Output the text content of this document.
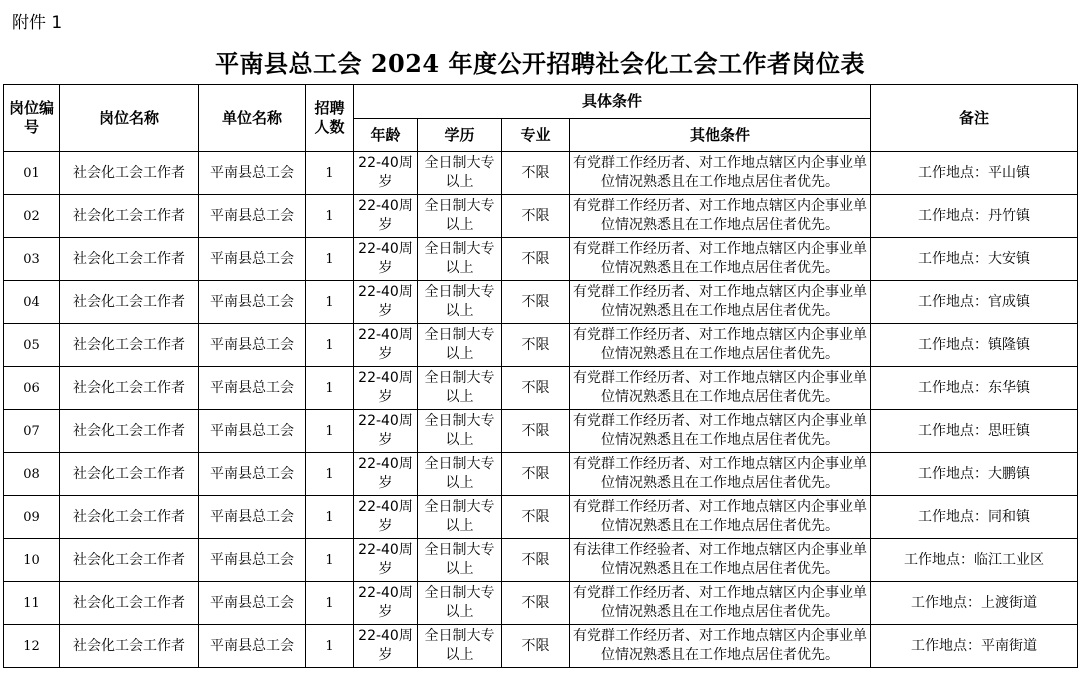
附件 1
平南县总工会 2024 年度公开招聘社会化工会工作者岗位表
岗位编号	岗位名称	单位名称	招聘人数	具体条件				备注
				年龄	学历	专业	其他条件	
01	社会化工会工作者	平南县总工会	1	22-40周岁	全日制大专以上	不限	有党群工作经历者、对工作地点辖区内企事业单位情况熟悉且在工作地点居住者优先。	工作地点：平山镇
02	社会化工会工作者	平南县总工会	1	22-40周岁	全日制大专以上	不限	有党群工作经历者、对工作地点辖区内企事业单位情况熟悉且在工作地点居住者优先。	工作地点：丹竹镇
03	社会化工会工作者	平南县总工会	1	22-40周岁	全日制大专以上	不限	有党群工作经历者、对工作地点辖区内企事业单位情况熟悉且在工作地点居住者优先。	工作地点：大安镇
04	社会化工会工作者	平南县总工会	1	22-40周岁	全日制大专以上	不限	有党群工作经历者、对工作地点辖区内企事业单位情况熟悉且在工作地点居住者优先。	工作地点：官成镇
05	社会化工会工作者	平南县总工会	1	22-40周岁	全日制大专以上	不限	有党群工作经历者、对工作地点辖区内企事业单位情况熟悉且在工作地点居住者优先。	工作地点：镇隆镇
06	社会化工会工作者	平南县总工会	1	22-40周岁	全日制大专以上	不限	有党群工作经历者、对工作地点辖区内企事业单位情况熟悉且在工作地点居住者优先。	工作地点：东华镇
07	社会化工会工作者	平南县总工会	1	22-40周岁	全日制大专以上	不限	有党群工作经历者、对工作地点辖区内企事业单位情况熟悉且在工作地点居住者优先。	工作地点：思旺镇
08	社会化工会工作者	平南县总工会	1	22-40周岁	全日制大专以上	不限	有党群工作经历者、对工作地点辖区内企事业单位情况熟悉且在工作地点居住者优先。	工作地点：大鹏镇
09	社会化工会工作者	平南县总工会	1	22-40周岁	全日制大专以上	不限	有党群工作经历者、对工作地点辖区内企事业单位情况熟悉且在工作地点居住者优先。	工作地点：同和镇
10	社会化工会工作者	平南县总工会	1	22-40周岁	全日制大专以上	不限	有法律工作经验者、对工作地点辖区内企事业单位情况熟悉且在工作地点居住者优先。	工作地点：临江工业区
11	社会化工会工作者	平南县总工会	1	22-40周岁	全日制大专以上	不限	有党群工作经历者、对工作地点辖区内企事业单位情况熟悉且在工作地点居住者优先。	工作地点：上渡街道
12	社会化工会工作者	平南县总工会	1	22-40周岁	全日制大专以上	不限	有党群工作经历者、对工作地点辖区内企事业单位情况熟悉且在工作地点居住者优先。	工作地点：平南街道
